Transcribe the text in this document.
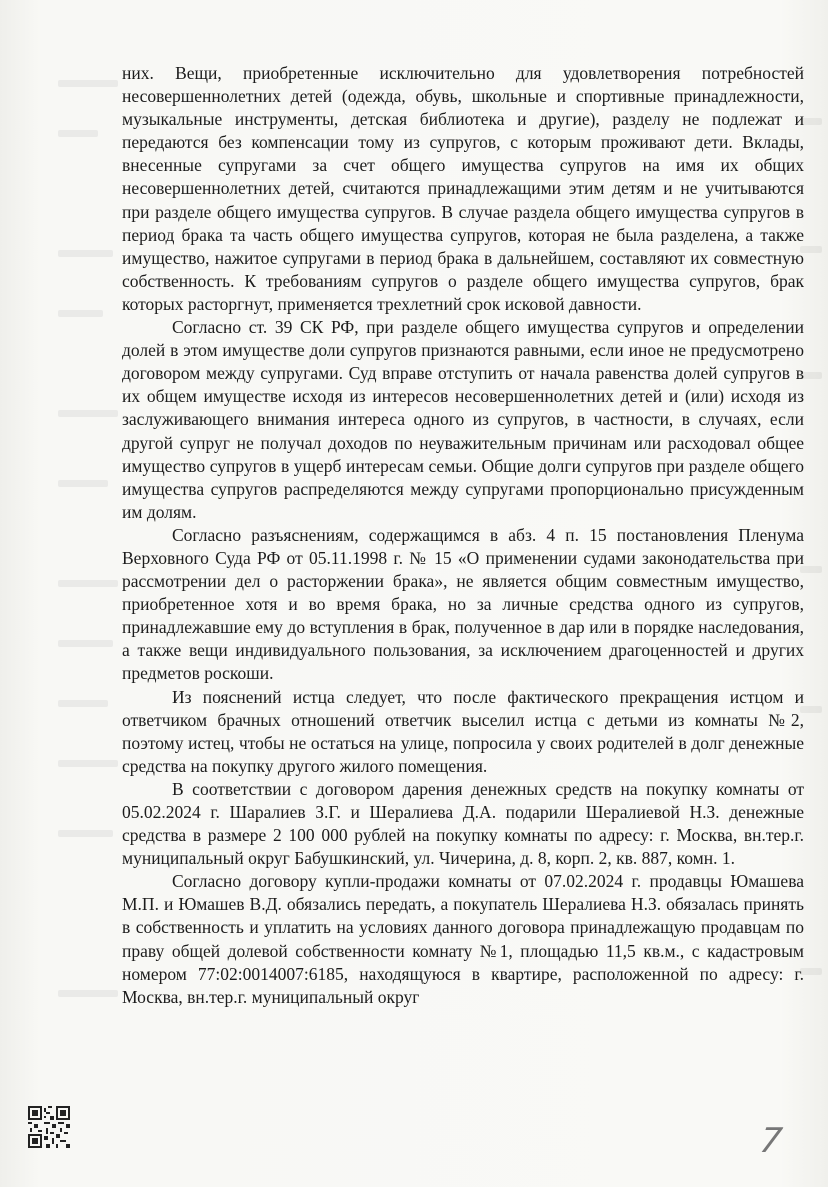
них. Вещи, приобретенные исключительно для удовлетворения потребностей несовершеннолетних детей (одежда, обувь, школьные и спортивные принадлежности, музыкальные инструменты, детская библиотека и другие), разделу не подлежат и передаются без компенсации тому из супругов, с которым проживают дети. Вклады, внесенные супругами за счет общего имущества супругов на имя их общих несовершеннолетних детей, считаются принадлежащими этим детям и не учитываются при разделе общего имущества супругов. В случае раздела общего имущества супругов в период брака та часть общего имущества супругов, которая не была разделена, а также имущество, нажитое супругами в период брака в дальнейшем, составляют их совместную собственность. К требованиям супругов о разделе общего имущества супругов, брак которых расторгнут, применяется трехлетний срок исковой давности.

Согласно ст. 39 СК РФ, при разделе общего имущества супругов и определении долей в этом имуществе доли супругов признаются равными, если иное не предусмотрено договором между супругами. Суд вправе отступить от начала равенства долей супругов в их общем имуществе исходя из интересов несовершеннолетних детей и (или) исходя из заслуживающего внимания интереса одного из супругов, в частности, в случаях, если другой супруг не получал доходов по неуважительным причинам или расходовал общее имущество супругов в ущерб интересам семьи. Общие долги супругов при разделе общего имущества супругов распределяются между супругами пропорционально присужденным им долям.

Согласно разъяснениям, содержащимся в абз. 4 п. 15 постановления Пленума Верховного Суда РФ от 05.11.1998 г. № 15 «О применении судами законодательства при рассмотрении дел о расторжении брака», не является общим совместным имущество, приобретенное хотя и во время брака, но за личные средства одного из супругов, принадлежавшие ему до вступления в брак, полученное в дар или в порядке наследования, а также вещи индивидуального пользования, за исключением драгоценностей и других предметов роскоши.

Из пояснений истца следует, что после фактического прекращения истцом и ответчиком брачных отношений ответчик выселил истца с детьми из комнаты №2, поэтому истец, чтобы не остаться на улице, попросила у своих родителей в долг денежные средства на покупку другого жилого помещения.

В соответствии с договором дарения денежных средств на покупку комнаты от 05.02.2024 г. Шаралиев З.Г. и Шералиева Д.А. подарили Шералиевой Н.З. денежные средства в размере 2 100 000 рублей на покупку комнаты по адресу: г. Москва, вн.тер.г. муниципальный округ Бабушкинский, ул. Чичерина, д. 8, корп. 2, кв. 887, комн. 1.

Согласно договору купли-продажи комнаты от 07.02.2024 г. продавцы Юмашева М.П. и Юмашев В.Д. обязались передать, а покупатель Шералиева Н.З. обязалась принять в собственность и уплатить на условиях данного договора принадлежащую продавцам по праву общей долевой собственности комнату №1, площадью 11,5 кв.м., с кадастровым номером 77:02:0014007:6185, находящуюся в квартире, расположенной по адресу: г. Москва, вн.тер.г. муниципальный округ

7
